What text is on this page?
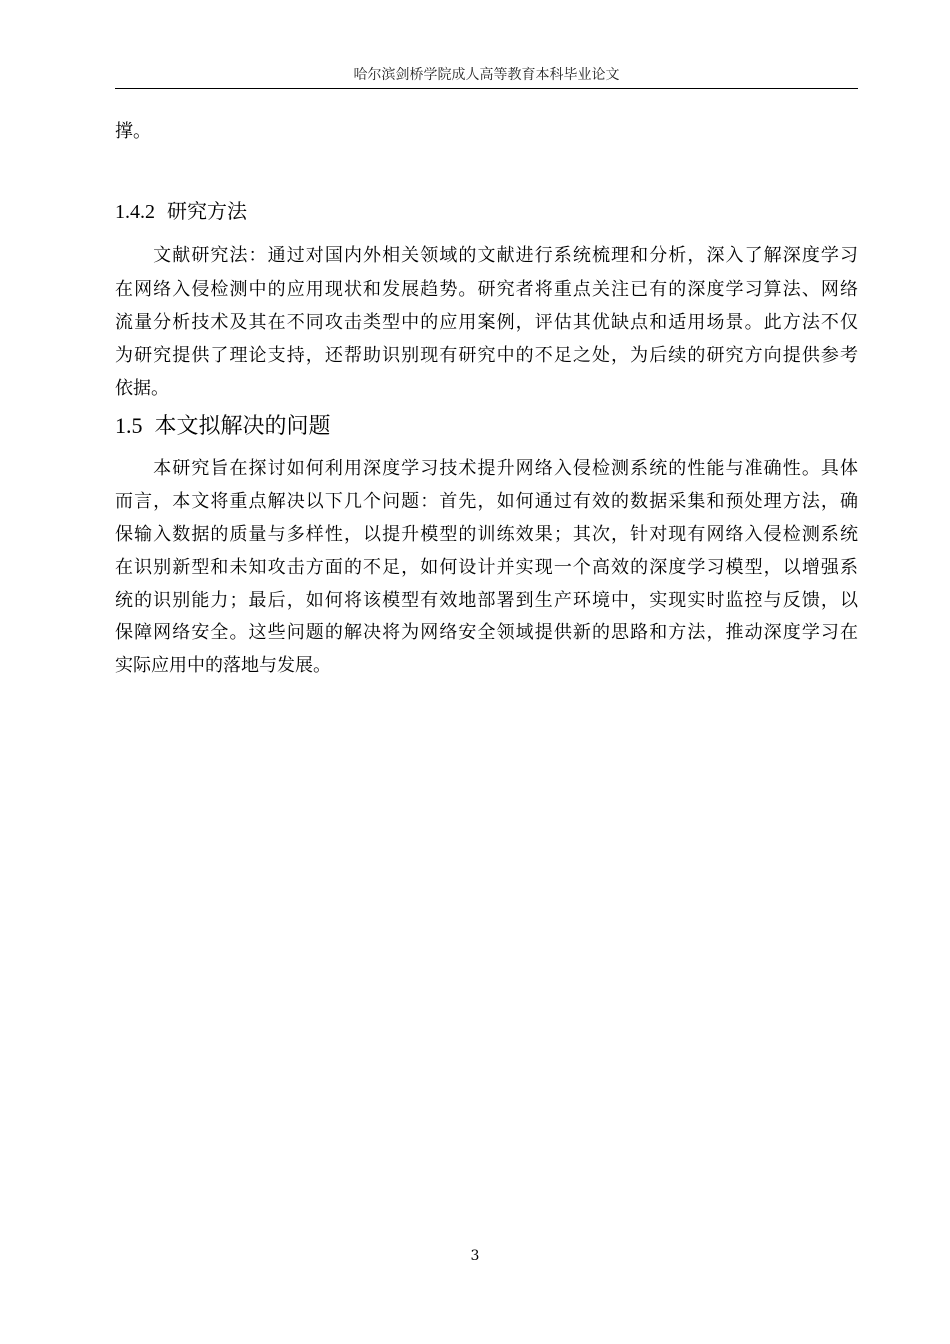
哈尔滨剑桥学院成人高等教育本科毕业论文
撑。
1.4.2 研究方法
　　文献研究法：通过对国内外相关领域的文献进行系统梳理和分析，深入了解深度学习
在网络入侵检测中的应用现状和发展趋势。研究者将重点关注已有的深度学习算法、网络
流量分析技术及其在不同攻击类型中的应用案例，评估其优缺点和适用场景。此方法不仅
为研究提供了理论支持，还帮助识别现有研究中的不足之处，为后续的研究方向提供参考
依据。
1.5 本文拟解决的问题
　　本研究旨在探讨如何利用深度学习技术提升网络入侵检测系统的性能与准确性。具体
而言，本文将重点解决以下几个问题：首先，如何通过有效的数据采集和预处理方法，确
保输入数据的质量与多样性，以提升模型的训练效果；其次，针对现有网络入侵检测系统
在识别新型和未知攻击方面的不足，如何设计并实现一个高效的深度学习模型，以增强系
统的识别能力；最后，如何将该模型有效地部署到生产环境中，实现实时监控与反馈，以
保障网络安全。这些问题的解决将为网络安全领域提供新的思路和方法，推动深度学习在
实际应用中的落地与发展。
3
